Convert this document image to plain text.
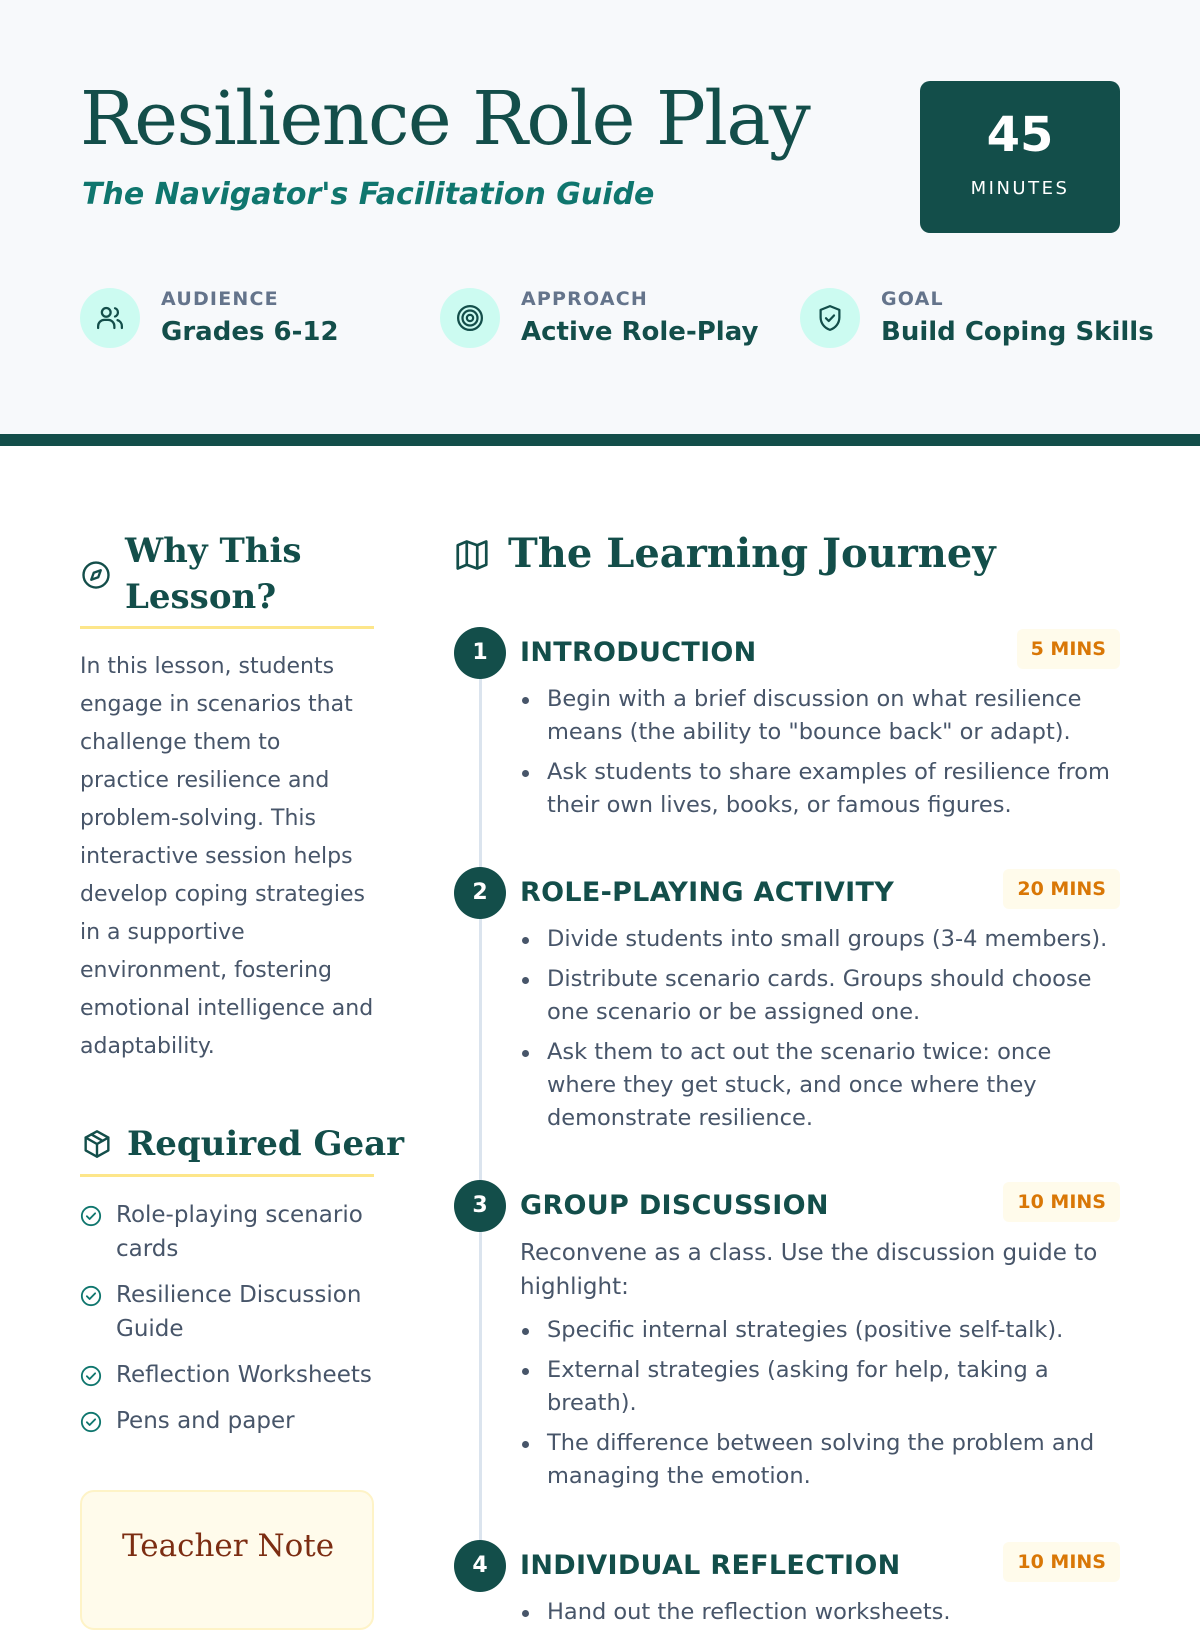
Resilience Role Play
The Navigator's Facilitation Guide
45
MINUTES
AUDIENCE
Grades 6-12
APPROACH
Active Role-Play
GOAL
Build Coping Skills
Why This Lesson?

In this lesson, students engage in scenarios that challenge them to practice resilience and problem-solving. This interactive session helps develop coping strategies in a supportive environment, fostering emotional intelligence and adaptability.

Required Gear
Role-playing scenario cards
Resilience Discussion Guide
Reflection Worksheets
Pens and paper
Teacher Note
The Learning Journey
1	INTRODUCTION	5 MINS
Begin with a brief discussion on what resilience means (the ability to "bounce back" or adapt).
Ask students to share examples of resilience from their own lives, books, or famous figures.
2	ROLE-PLAYING ACTIVITY	20 MINS
Divide students into small groups (3-4 members).
Distribute scenario cards. Groups should choose one scenario or be assigned one.
Ask them to act out the scenario twice: once where they get stuck, and once where they demonstrate resilience.
3	GROUP DISCUSSION	10 MINS

Reconvene as a class. Use the discussion guide to highlight:

Specific internal strategies (positive self-talk).
External strategies (asking for help, taking a breath).
The difference between solving the problem and managing the emotion.
4	INDIVIDUAL REFLECTION	10 MINS
Hand out the reflection worksheets.
